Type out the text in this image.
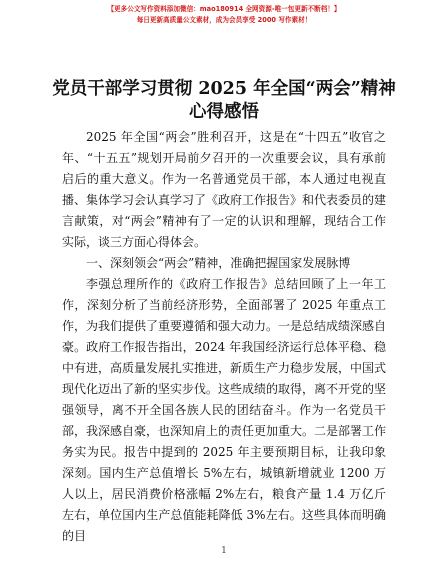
【更多公文写作资料添加微信：mao180914 全网资源-唯一包更新不断档！】
每日更新高质量公文素材，成为会员享受 2000 写作素材！
党员干部学习贯彻 2025 年全国“两会”精神心得感悟

2025 年全国“两会”胜利召开，这是在“十四五”收官之年、“十五五”规划开局前夕召开的一次重要会议，具有承前启后的重大意义。作为一名普通党员干部，本人通过电视直播、集体学习会认真学习了《政府工作报告》和代表委员的建言献策，对“两会”精神有了一定的认识和理解，现结合工作实际，谈三方面心得体会。

一、深刻领会“两会”精神，准确把握国家发展脉博

李强总理所作的《政府工作报告》总结回顾了上一年工作，深刻分析了当前经济形势，全面部署了 2025 年重点工作，为我们提供了重要遵循和强大动力。一是总结成绩深感自豪。政府工作报告指出，2024 年我国经济运行总体平稳、稳中有进，高质量发展扎实推进，新质生产力稳步发展，中国式现代化迈出了新的坚实步伐。这些成绩的取得，离不开党的坚强领导，离不开全国各族人民的团结奋斗。作为一名党员干部，我深感自豪，也深知肩上的责任更加重大。二是部署工作务实为民。报告中提到的 2025 年主要预期目标，让我印象深刻。国内生产总值增长 5%左右，城镇新增就业 1200 万人以上，居民消费价格涨幅 2%左右，粮食产量 1.4 万亿斤左右，单位国内生产总值能耗降低 3%左右。这些具体而明确的目

1
